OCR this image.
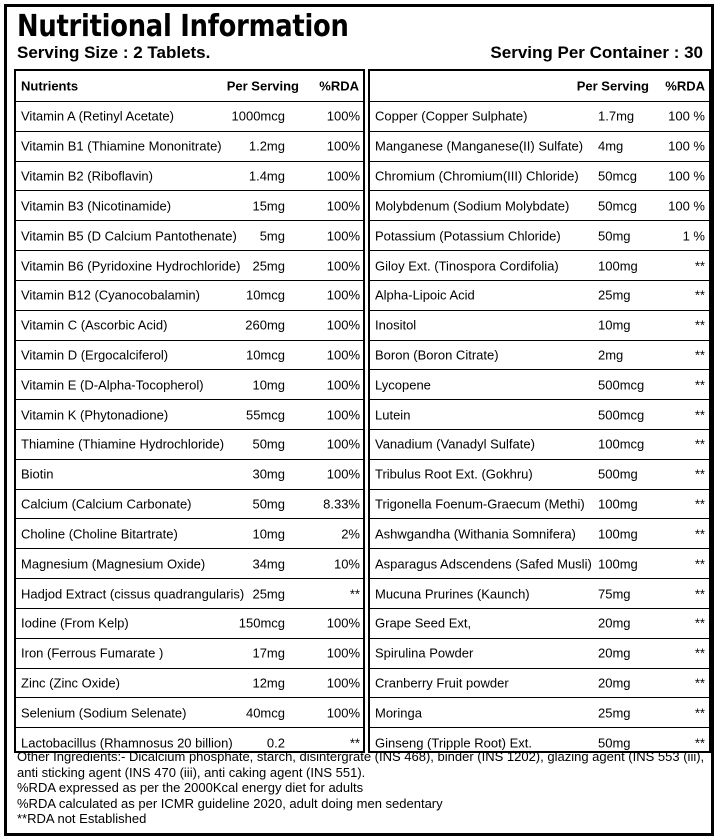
Nutritional Information
Serving Size : 2 Tablets.	Serving Per Container : 30
Nutrients	Per Serving %RDA
Vitamin A (Retinyl Acetate)	1000mcg	100%
Vitamin B1 (Thiamine Mononitrate) 1.2mg	100%
Vitamin B2 (Riboflavin)	1.4mg	100%
Vitamin B3 (Nicotinamide)	15mg	100%
Vitamin B5 (D Calcium Pantothenate) 5mg	100%
Vitamin B6 (Pyridoxine Hydrochloride) 25mg	100%
Vitamin B12 (Cyanocobalamin)	10mcg	100%
Vitamin C (Ascorbic Acid)	260mg	100%
Vitamin D (Ergocalciferol)	10mcg	100%
Vitamin E (D-Alpha-Tocopherol)	10mg	100%
Vitamin K (Phytonadione)	55mcg	100%
Thiamine (Thiamine Hydrochloride) 50mg	100%
Biotin	30mg	100%
Calcium (Calcium Carbonate)	50mg	8.33%
Choline (Choline Bitartrate)	10mg	2%
Magnesium (Magnesium Oxide)	34mg	10%
Hadjod Extract (cissus quadrangularis) 25mg	**
Iodine (From Kelp)	150mcg	100%
Iron (Ferrous Fumarate )	17mg	100%
Zinc (Zinc Oxide)	12mg	100%
Selenium (Sodium Selenate)	40mcg	100%
Lactobacillus (Rhamnosus 20 billion)	0.2	**
Per Serving %RDA
Copper (Copper Sulphate)	1.7mg	100 %
Manganese (Manganese(II) Sulfate) 4mg	100 %
Chromium (Chromium(III) Chloride) 50mcg 100 %
Molybdenum (Sodium Molybdate) 50mcg 100 %
Potassium (Potassium Chloride)	50mg	1 %
Giloy Ext. (Tinospora Cordifolia)	100mg	**
Alpha-Lipoic Acid	25mg	**
Inositol	10mg	**
Boron (Boron Citrate)	2mg	**
Lycopene	500mcg	**
Lutein	500mcg	**
Vanadium (Vanadyl Sulfate)	100mcg	**
Tribulus Root Ext. (Gokhru)	500mg	**
Trigonella Foenum-Graecum (Methi) 100mg	**
Ashwgandha (Withania Somnifera) 100mg	**
Asparagus Adscendens (Safed Musli) 100mg	**
Mucuna Prurines (Kaunch)	75mg	**
Grape Seed Ext,	20mg	**
Spirulina Powder	20mg	**
Cranberry Fruit powder	20mg	**
Moringa	25mg	**
Ginseng (Tripple Root) Ext.	50mg	**

Other Ingredients:- Dicalcium phosphate, starch, disintergrate (INS 468), binder (INS 1202), glazing agent (INS 553 (iii), anti sticking agent (INS 470 (iii), anti caking agent (INS 551).

%RDA expressed as per the 2000Kcal energy diet for adults

%RDA calculated as per ICMR guideline 2020, adult doing men sedentary

**RDA not Established
